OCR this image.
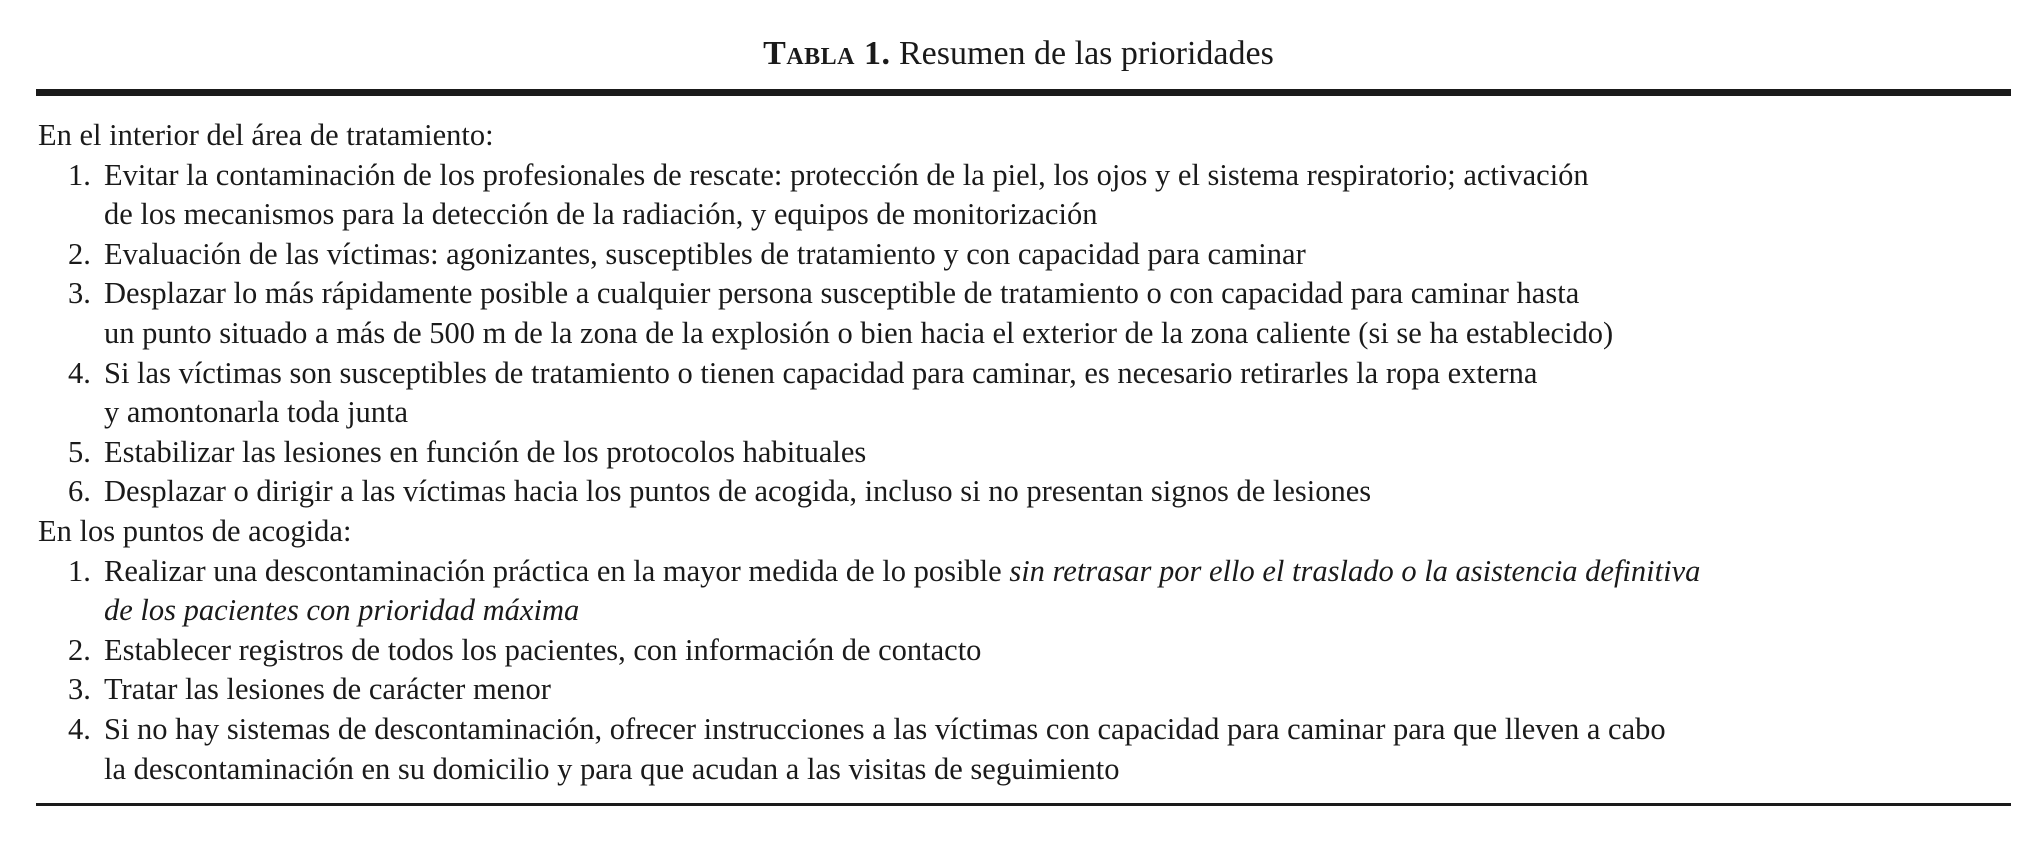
Tabla 1. Resumen de las prioridades
En el interior del área de tratamiento:
1. Evitar la contaminación de los profesionales de rescate: protección de la piel, los ojos y el sistema respiratorio; activación
de los mecanismos para la detección de la radiación, y equipos de monitorización
2. Evaluación de las víctimas: agonizantes, susceptibles de tratamiento y con capacidad para caminar
3. Desplazar lo más rápidamente posible a cualquier persona susceptible de tratamiento o con capacidad para caminar hasta
un punto situado a más de 500 m de la zona de la explosión o bien hacia el exterior de la zona caliente (si se ha establecido)
4. Si las víctimas son susceptibles de tratamiento o tienen capacidad para caminar, es necesario retirarles la ropa externa
y amontonarla toda junta
5. Estabilizar las lesiones en función de los protocolos habituales
6. Desplazar o dirigir a las víctimas hacia los puntos de acogida, incluso si no presentan signos de lesiones
En los puntos de acogida:
1. Realizar una descontaminación práctica en la mayor medida de lo posible sin retrasar por ello el traslado o la asistencia definitiva
de los pacientes con prioridad máxima
2. Establecer registros de todos los pacientes, con información de contacto
3. Tratar las lesiones de carácter menor
4. Si no hay sistemas de descontaminación, ofrecer instrucciones a las víctimas con capacidad para caminar para que lleven a cabo
la descontaminación en su domicilio y para que acudan a las visitas de seguimiento
